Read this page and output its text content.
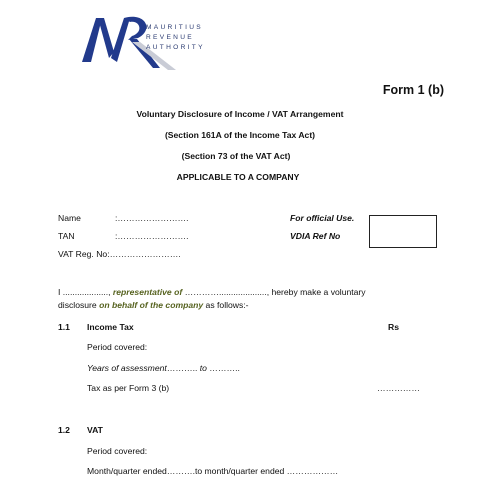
MAURITIUS
REVENUE
AUTHORITY
Form 1 (b)
Voluntary Disclosure of Income / VAT Arrangement
(Section 161A of the Income Tax Act)
(Section 73 of the VAT Act)
APPLICABLE TO A COMPANY
Name	:…………………….
TAN	:…………………….
VAT Reg. No:…………………….
For official Use.
VDIA Ref No
I ..................., representative of …………...................., hereby make a voluntary
disclosure on behalf of the company as follows:-
1.1 Income Tax	Rs
Period covered:
Years of assessment……….. to ………..
Tax as per Form 3 (b)	……………
1.2 VAT
Period covered:
Month/quarter ended……….to month/quarter ended ………………
